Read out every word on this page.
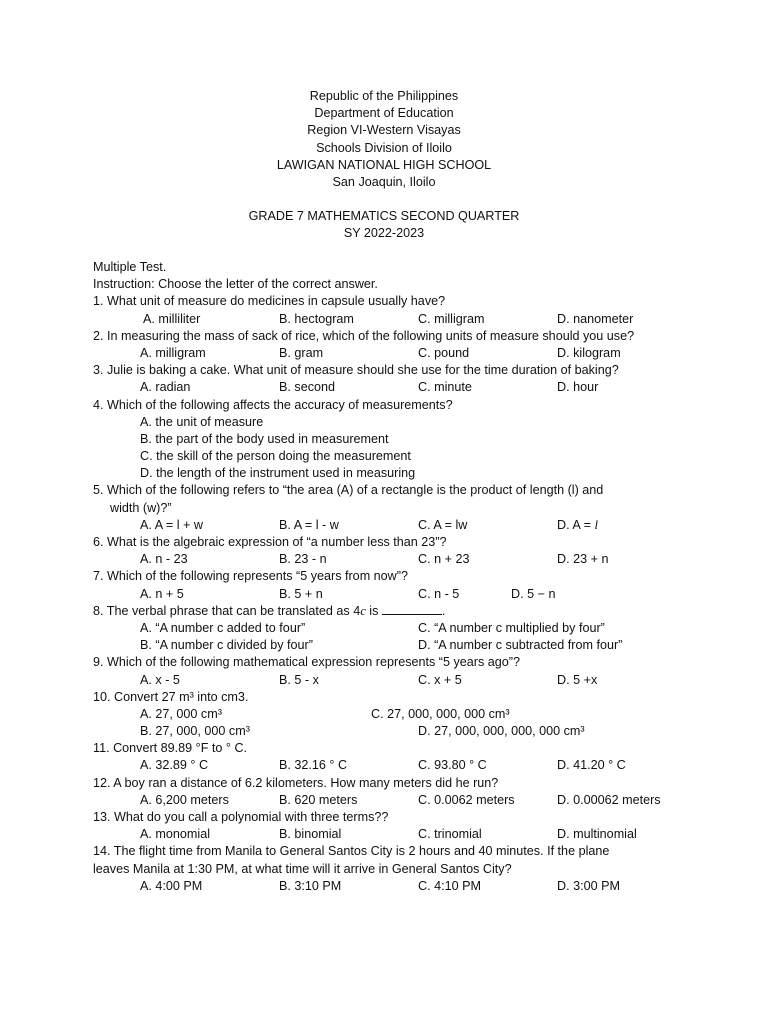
Republic of the Philippines
Department of Education
Region VI-Western Visayas
Schools Division of Iloilo
LAWIGAN NATIONAL HIGH SCHOOL
San Joaquin, Iloilo
GRADE 7 MATHEMATICS SECOND QUARTER
SY 2022-2023
Multiple Test.
Instruction: Choose the letter of the correct answer.
1. What unit of measure do medicines in capsule usually have?
A. milliliter	B. hectogram	C. milligram	D. nanometer
2. In measuring the mass of sack of rice, which of the following units of measure should you use?
A. milligram	B. gram	C. pound	D. kilogram
3. Julie is baking a cake. What unit of measure should she use for the time duration of baking?
A. radian	B. second	C. minute	D. hour
4. Which of the following affects the accuracy of measurements?
A. the unit of measure
B. the part of the body used in measurement
C. the skill of the person doing the measurement
D. the length of the instrument used in measuring
5. Which of the following refers to “the area (A) of a rectangle is the product of length (l) and
width (w)?”
A. A = l + w	B. A = l - w	C. A = lw	D. A = l
6. What is the algebraic expression of “a number less than 23”?
A. n - 23	B. 23 - n	C. n + 23	D. 23 + n
7. Which of the following represents “5 years from now”?
A. n + 5	B. 5 + n	C. n - 5	D. 5 − n
8. The verbal phrase that can be translated as 4c is	.
A. “A number c added to four”	C. “A number c multiplied by four”
B. “A number c divided by four”	D. “A number c subtracted from four”
9. Which of the following mathematical expression represents “5 years ago”?
A. x - 5	B. 5 - x	C. x + 5	D. 5 +x
10. Convert 27 m³ into cm3.
A. 27, 000 cm³	C. 27, 000, 000, 000 cm³
B. 27, 000, 000 cm³	D. 27, 000, 000, 000, 000 cm³
11. Convert 89.89 °F to ° C.
A. 32.89 ° C	B. 32.16 ° C	C. 93.80 ° C	D. 41.20 ° C
12. A boy ran a distance of 6.2 kilometers. How many meters did he run?
A. 6,200 meters	B. 620 meters	C. 0.0062 meters	D. 0.00062 meters
13. What do you call a polynomial with three terms??
A. monomial	B. binomial	C. trinomial	D. multinomial
14. The flight time from Manila to General Santos City is 2 hours and 40 minutes. If the plane
leaves Manila at 1:30 PM, at what time will it arrive in General Santos City?
A. 4:00 PM	B. 3:10 PM	C. 4:10 PM	D. 3:00 PM
